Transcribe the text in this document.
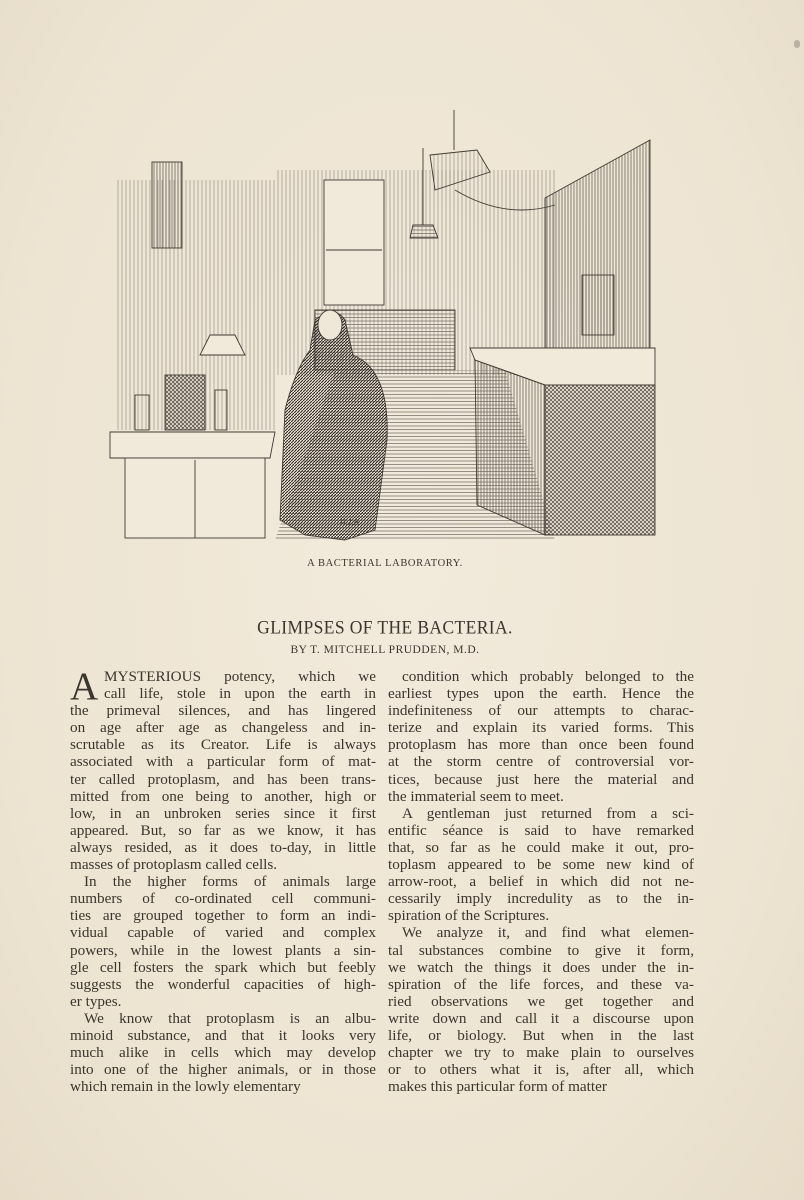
H.J.P.
A BACTERIAL LABORATORY.
GLIMPSES OF THE BACTERIA.
BY T. MITCHELL PRUDDEN, M.D.
A MYSTERIOUS potency, which we
call life, stole in upon the earth in
the primeval silences, and has lingered
on age after age as changeless and in-
scrutable as its Creator. Life is always
associated with a particular form of mat-
ter called protoplasm, and has been trans-
mitted from one being to another, high or
low, in an unbroken series since it first
appeared. But, so far as we know, it has
always resided, as it does to-day, in little
masses of protoplasm called cells.
In the higher forms of animals large
numbers of co-ordinated cell communi-
ties are grouped together to form an indi-
vidual capable of varied and complex
powers, while in the lowest plants a sin-
gle cell fosters the spark which but feebly
suggests the wonderful capacities of high-
er types.
We know that protoplasm is an albu-
minoid substance, and that it looks very
much alike in cells which may develop
into one of the higher animals, or in those
which remain in the lowly elementary
condition which probably belonged to the
earliest types upon the earth. Hence the
indefiniteness of our attempts to charac-
terize and explain its varied forms. This
protoplasm has more than once been found
at the storm centre of controversial vor-
tices, because just here the material and
the immaterial seem to meet.
A gentleman just returned from a sci-
entific séance is said to have remarked
that, so far as he could make it out, pro-
toplasm appeared to be some new kind of
arrow-root, a belief in which did not ne-
cessarily imply incredulity as to the in-
spiration of the Scriptures.
We analyze it, and find what elemen-
tal substances combine to give it form,
we watch the things it does under the in-
spiration of the life forces, and these va-
ried observations we get together and
write down and call it a discourse upon
life, or biology. But when in the last
chapter we try to make plain to ourselves
or to others what it is, after all, which
makes this particular form of matter
